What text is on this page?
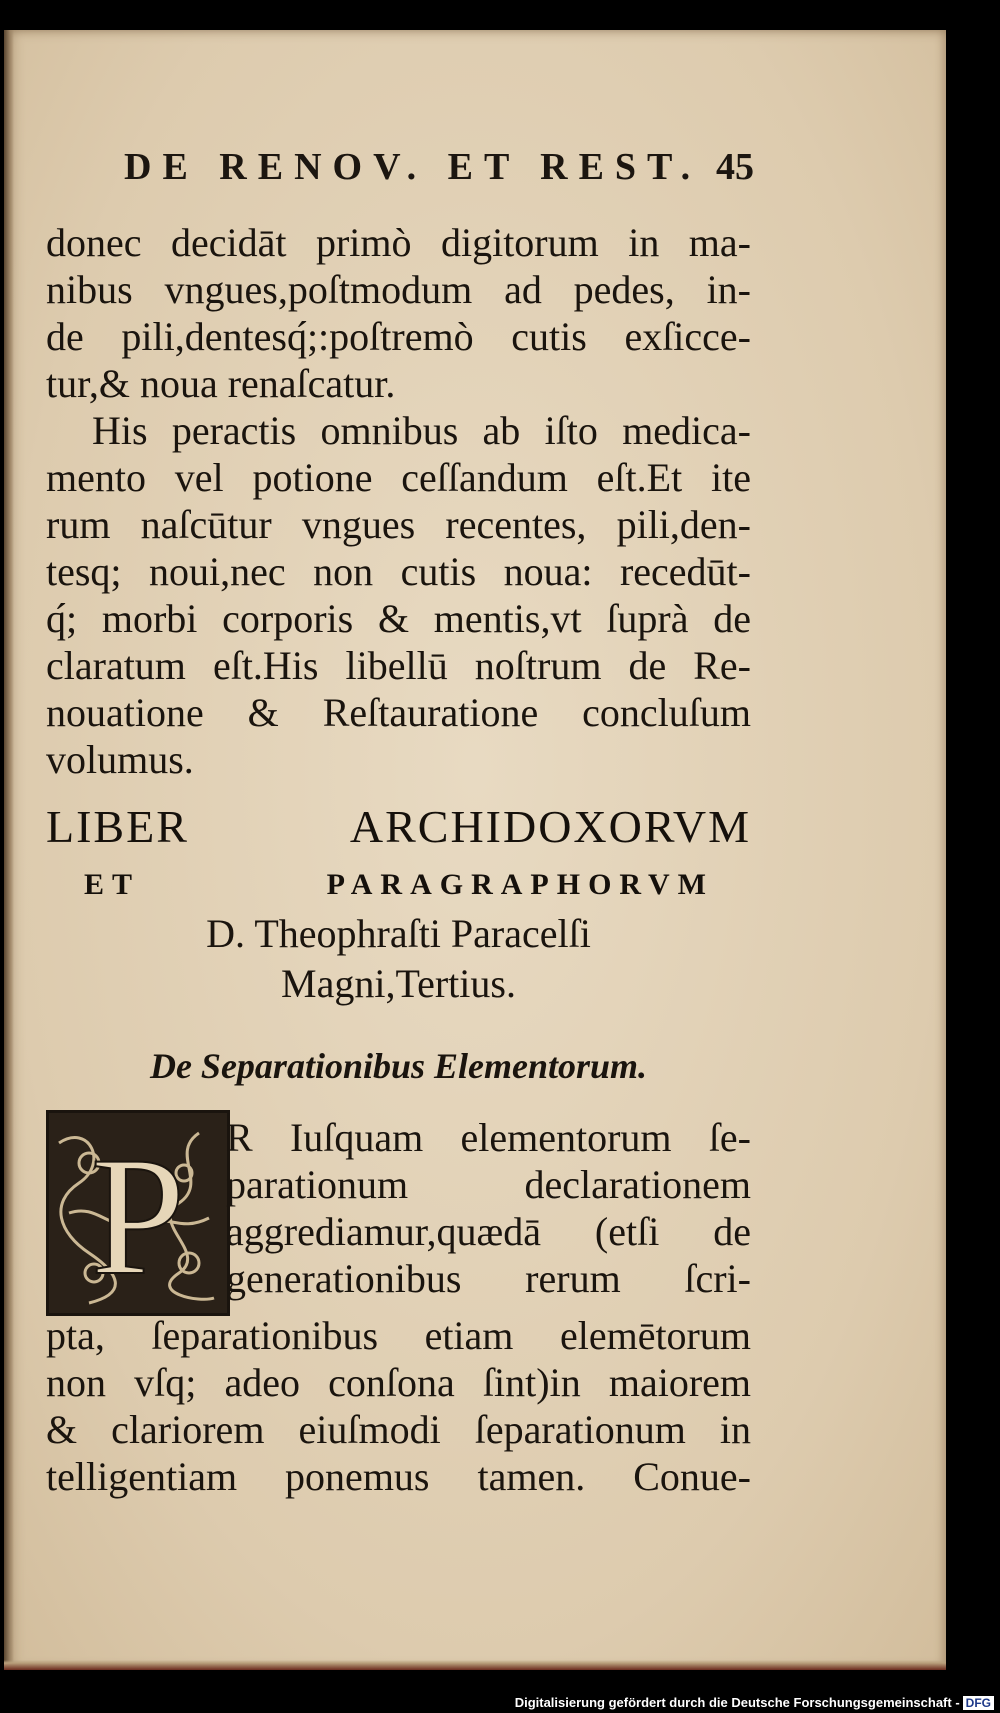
DE RENOV. ET REST. 45
donec decidāt primò digitorum in ma-
nibus vngues,poſtmodum ad pedes, in-
de pili,dentesq́;:poſtremò cutis exſicce-
tur,& noua renaſcatur.
His peractis omnibus ab iſto medica-
mento vel potione ceſſandum eſt.Et ite
rum naſcūtur vngues recentes, pili,den-
tesq; noui,nec non cutis noua: recedūt-
q́; morbi corporis & mentis,vt ſuprà de
claratum eſt.His libellū noſtrum de Re-
nouatione & Reſtauratione concluſum
volumus.
LIBER ARCHIDOXORVM
ET PARAGRAPHORVM
D. Theophraſti Paracelſi
Magni,Tertius.
De Separationibus Elementorum.
P R Iuſquam elementorum ſe-
parationum declarationem
aggrediamur,quædā (etſi de
generationibus rerum ſcri-
pta, ſeparationibus etiam elemētorum
non vſq; adeo conſona ſint)in maiorem
& clariorem eiuſmodi ſeparationum in
telligentiam ponemus tamen. Conue-
Digitalisierung gefördert durch die Deutsche Forschungsgemeinschaft - DFG
